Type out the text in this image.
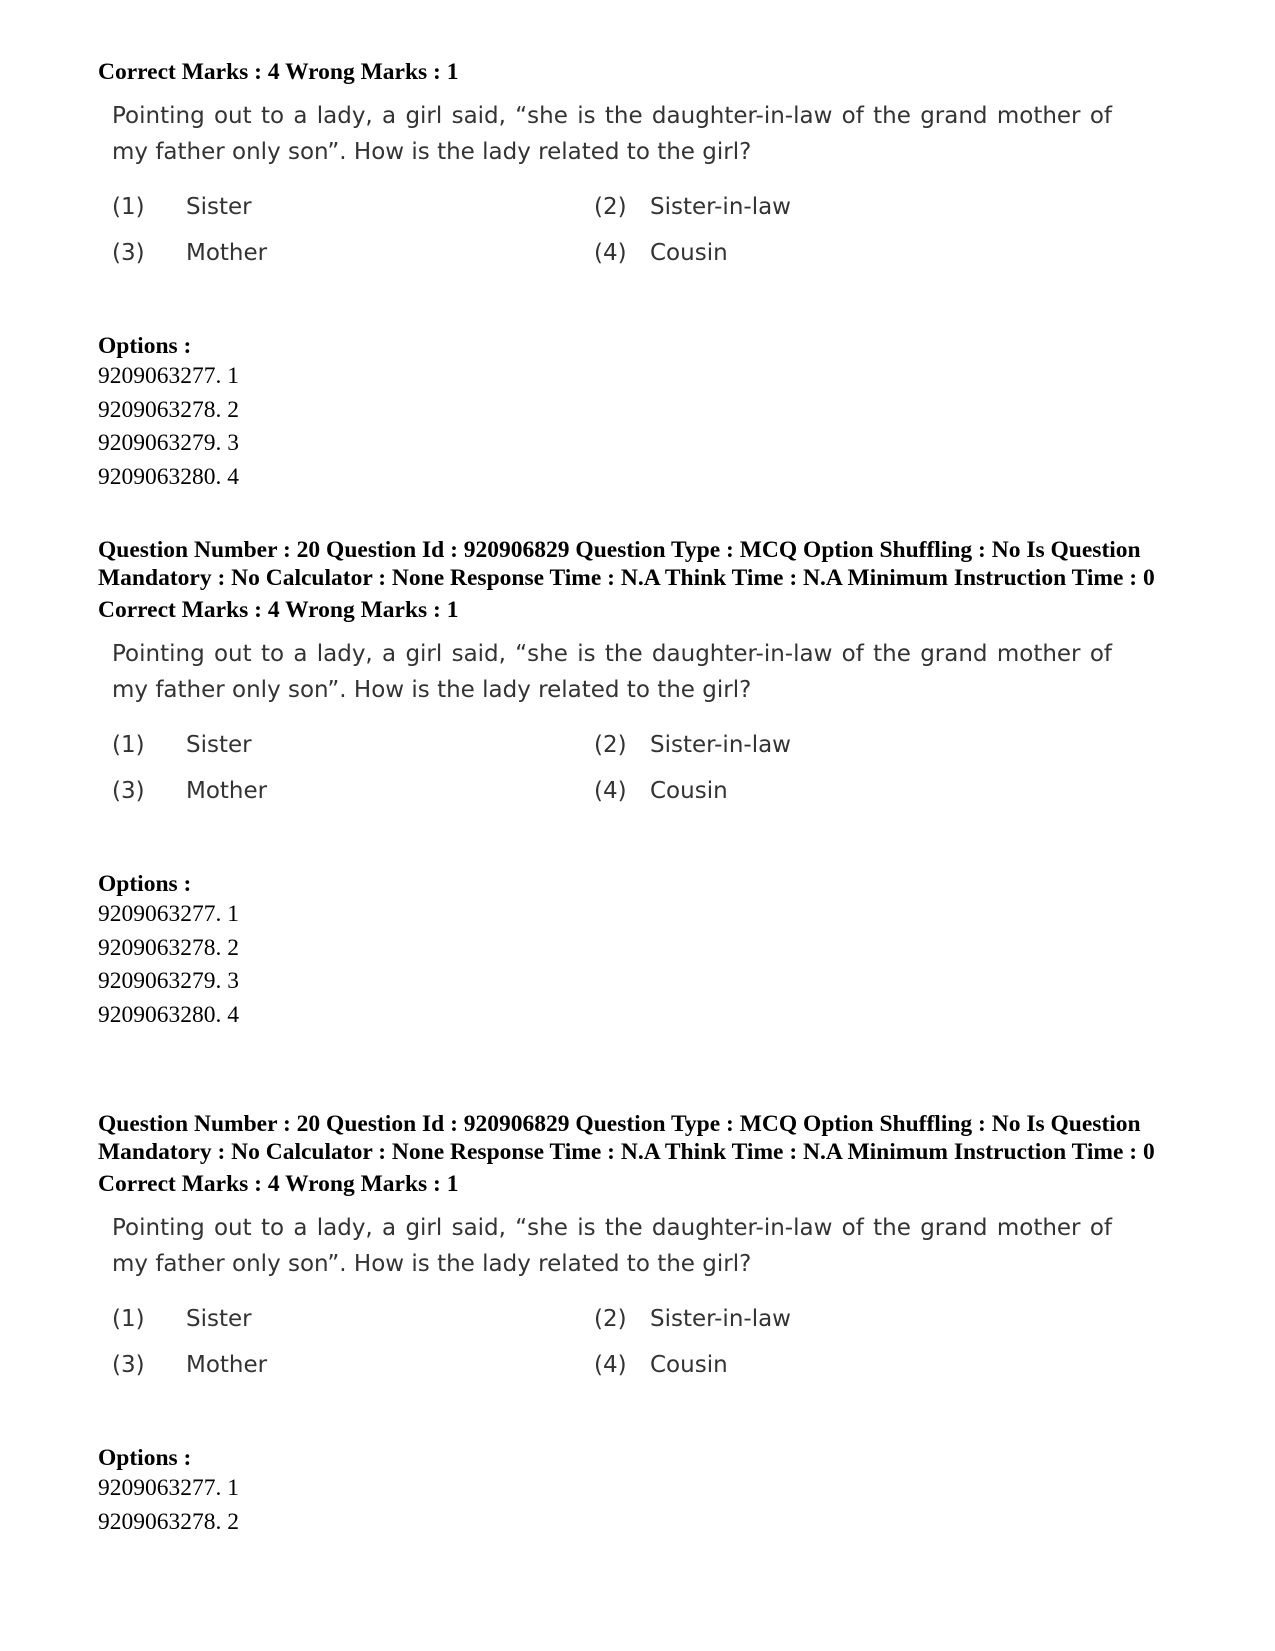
Correct Marks : 4 Wrong Marks : 1

Pointing out to a lady, a girl said, “she is the daughter-in-law of the grand mother of my father only son”. How is the lady related to the girl?

(1) Sister	(2) Sister-in-law
(3) Mother	(4) Cousin

Options :

9209063277. 1

9209063278. 2

9209063279. 3

9209063280. 4

Question Number : 20 Question Id : 920906829 Question Type : MCQ Option Shuffling : No Is Question Mandatory : No Calculator : None Response Time : N.A Think Time : N.A Minimum Instruction Time : 0

Correct Marks : 4 Wrong Marks : 1

Pointing out to a lady, a girl said, “she is the daughter-in-law of the grand mother of my father only son”. How is the lady related to the girl?

(1) Sister	(2) Sister-in-law
(3) Mother	(4) Cousin

Options :

9209063277. 1

9209063278. 2

9209063279. 3

9209063280. 4

Question Number : 20 Question Id : 920906829 Question Type : MCQ Option Shuffling : No Is Question Mandatory : No Calculator : None Response Time : N.A Think Time : N.A Minimum Instruction Time : 0

Correct Marks : 4 Wrong Marks : 1

Pointing out to a lady, a girl said, “she is the daughter-in-law of the grand mother of my father only son”. How is the lady related to the girl?

(1) Sister	(2) Sister-in-law
(3) Mother	(4) Cousin

Options :

9209063277. 1

9209063278. 2
